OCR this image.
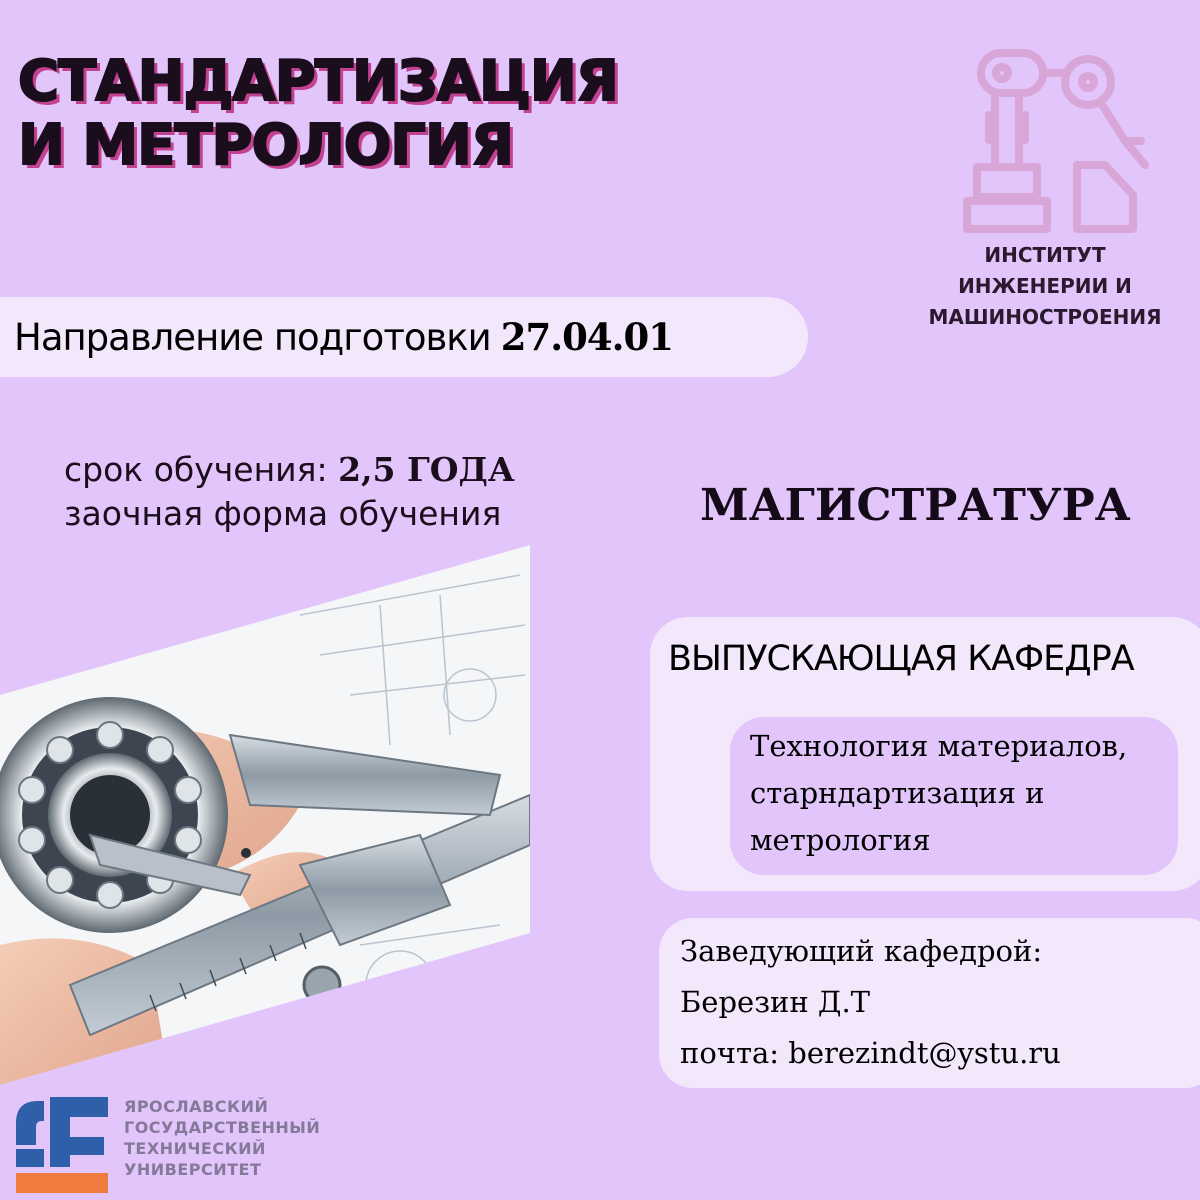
СТАНДАРТИЗАЦИЯ
И МЕТРОЛОГИЯ
ИНСТИТУТ
ИНЖЕНЕРИИ И
МАШИНОСТРОЕНИЯ
Направление подготовки 27.04.01
срок обучения: 2,5 ГОДА
заочная форма обучения	МАГИСТРАТУРА
ВЫПУСКАЮЩАЯ КАФЕДРА
Технология материалов,
старндартизация и
метрология
Заведующий кафедрой:
Березин Д.Т
почта: berezindt@ystu.ru
ЯРОСЛАВСКИЙ
ГОСУДАРСТВЕННЫЙ
ТЕХНИЧЕСКИЙ
УНИВЕРСИТЕТ
